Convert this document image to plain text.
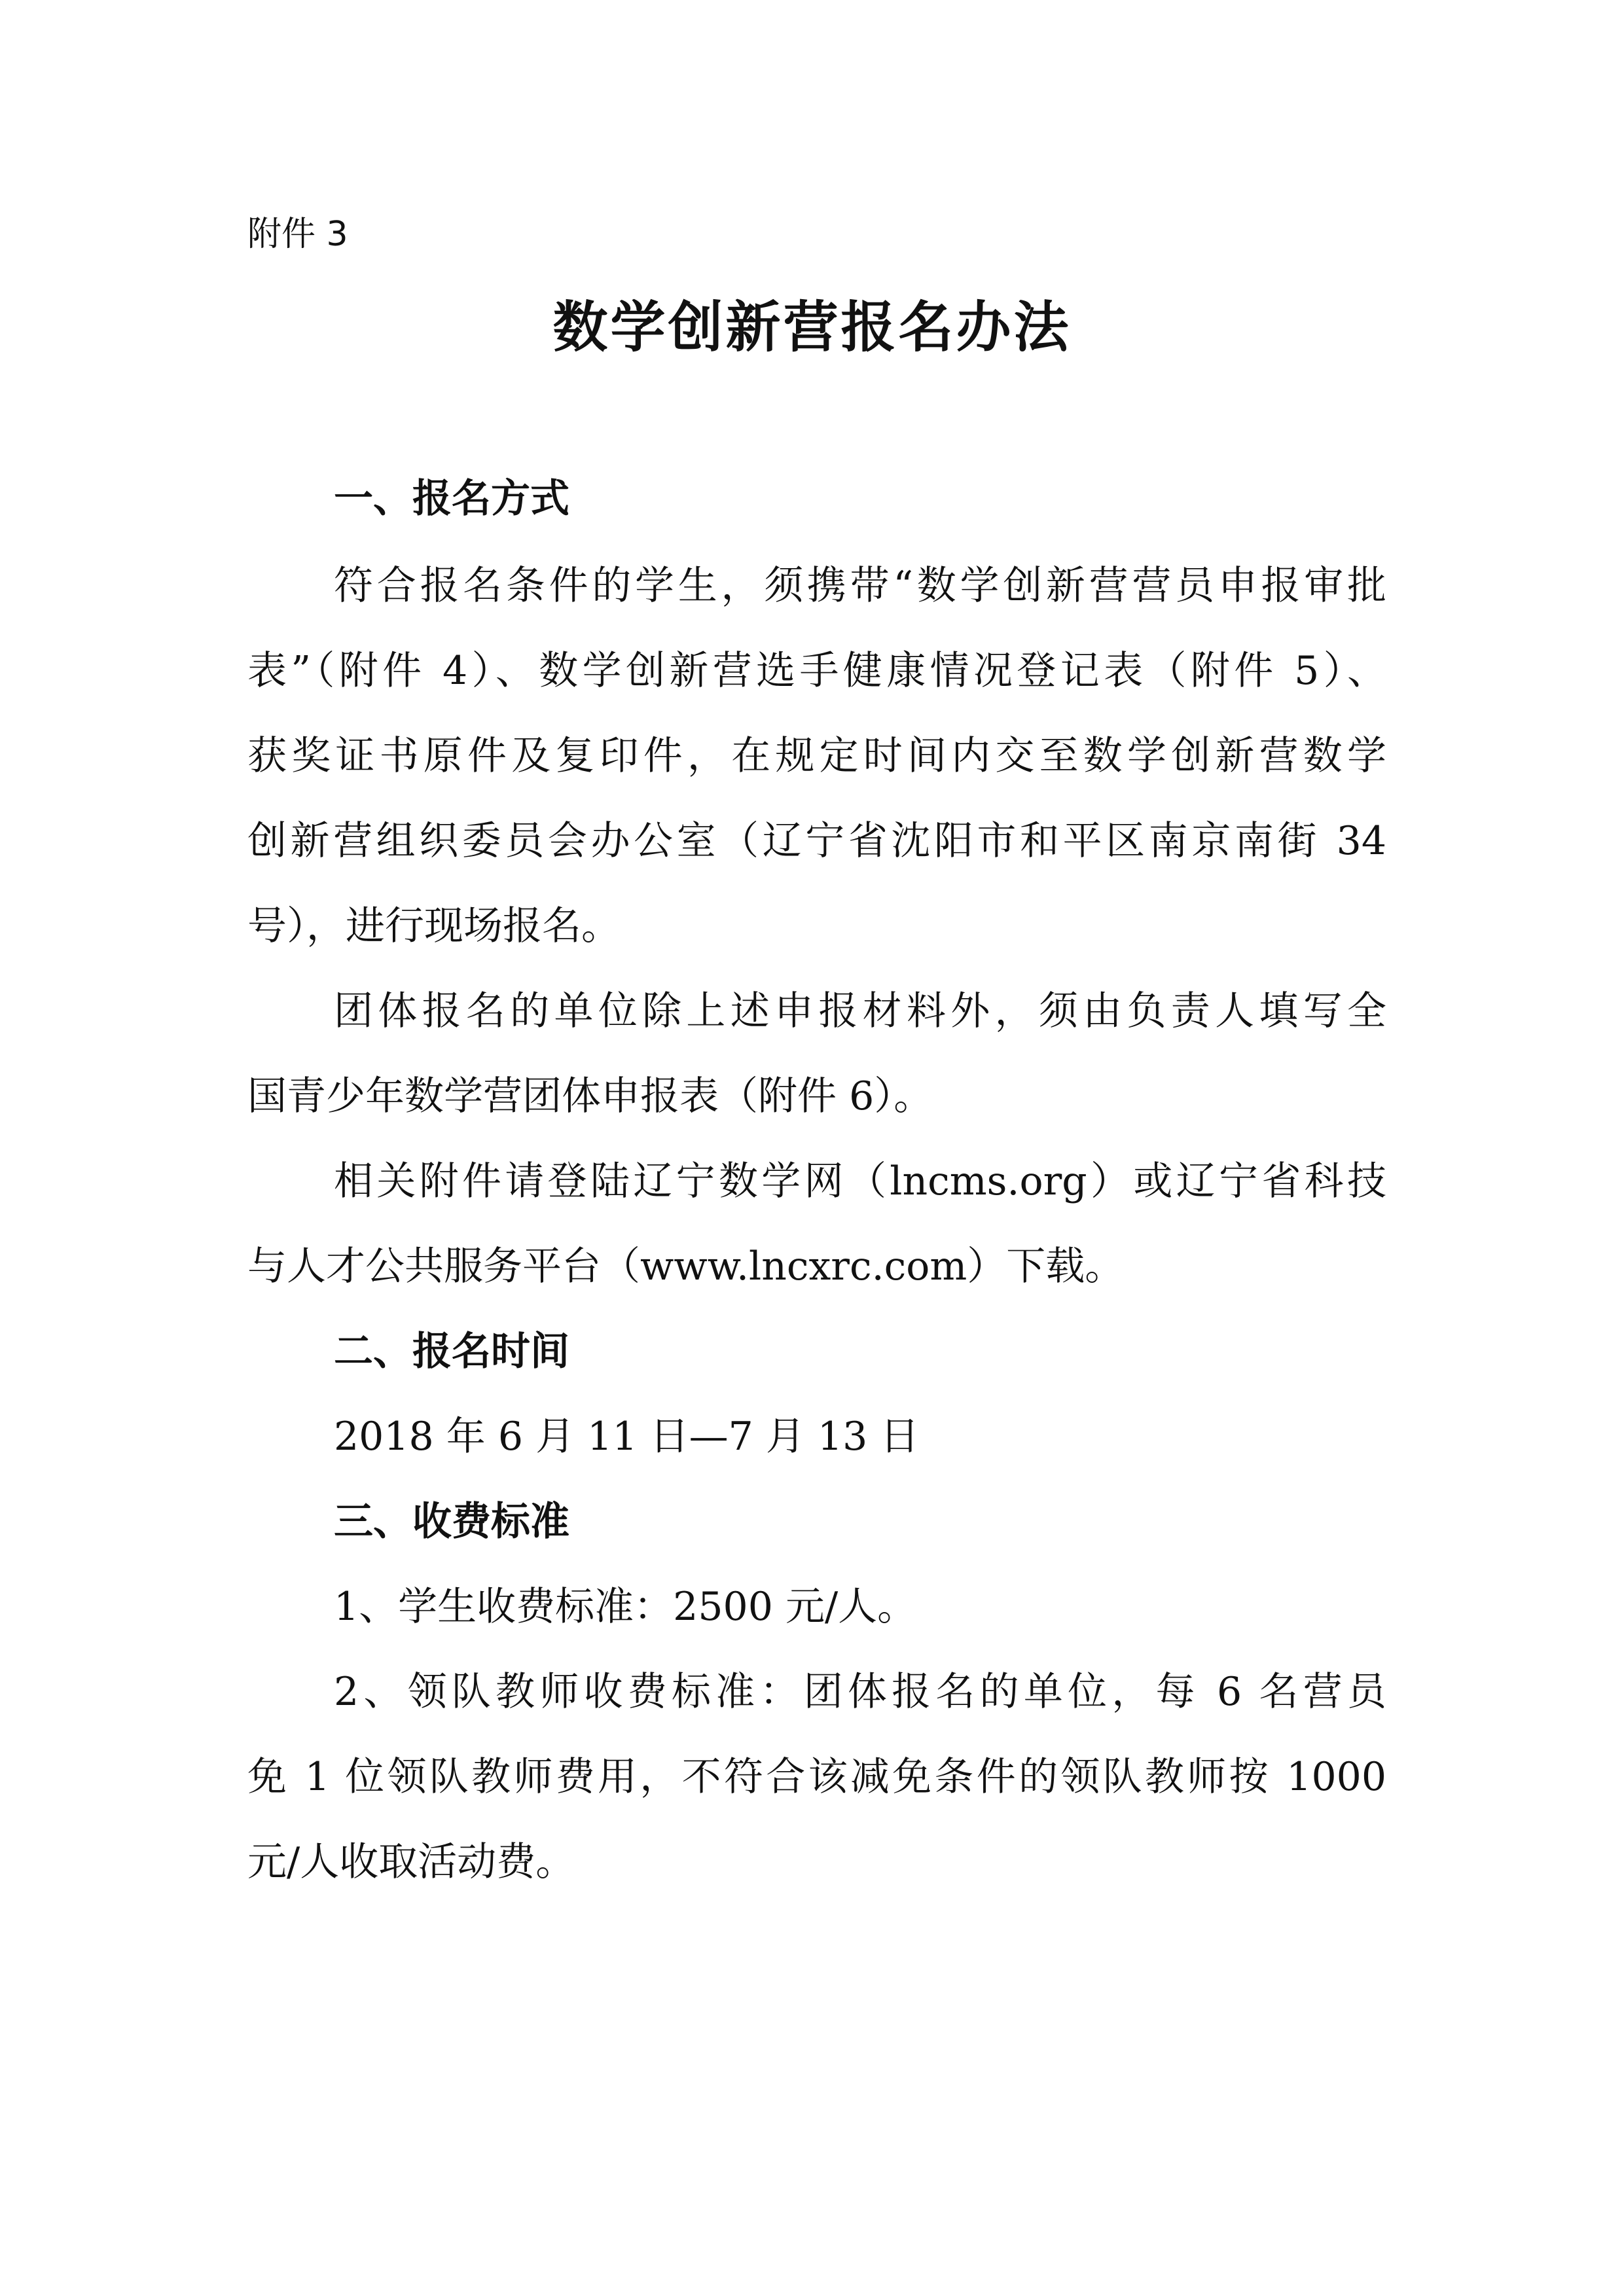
附件 3
数学创新营报名办法
一、报名方式
符合报名条件的学生，须携带“数学创新营营员申报审批
表”（附件 4）、数学创新营选手健康情况登记表（附件 5）、
获奖证书原件及复印件，在规定时间内交至数学创新营数学
创新营组织委员会办公室（辽宁省沈阳市和平区南京南街 34
号），进行现场报名。
团体报名的单位除上述申报材料外，须由负责人填写全
国青少年数学营团体申报表（附件 6）。
相关附件请登陆辽宁数学网（lncms.org）或辽宁省科技
与人才公共服务平台（www.lncxrc.com）下载。
二、报名时间
2018 年 6 月 11 日—7 月 13 日
三、收费标准
1、学生收费标准：2500 元/人。
2、领队教师收费标准：团体报名的单位，每 6 名营员
免 1 位领队教师费用，不符合该减免条件的领队教师按 1000
元/人收取活动费。
